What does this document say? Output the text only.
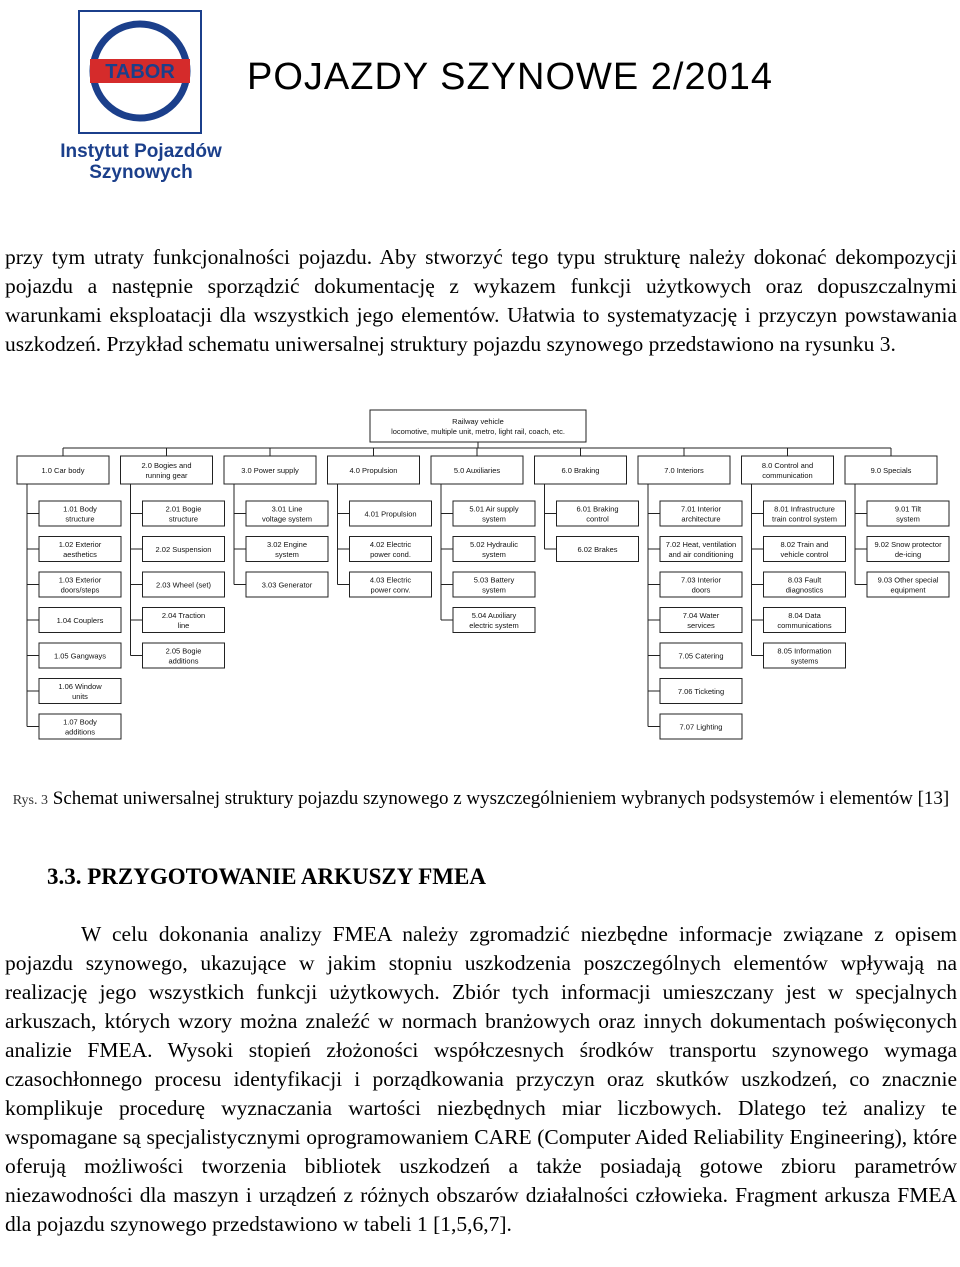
TABOR
Instytut Pojazdów
Szynowych
POJAZDY SZYNOWE 2/2014

przy tym utraty funkcjonalności pojazdu. Aby stworzyć tego typu strukturę należy dokonać dekompozycji pojazdu a następnie sporządzić dokumentację z wykazem funkcji użytkowych oraz dopuszczalnymi warunkami eksploatacji dla wszystkich jego elementów. Ułatwia to systematyzację i przyczyn powstawania uszkodzeń. Przykład schematu uniwersalnej struktury pojazdu szynowego przedstawiono na rysunku 3.

Railway vehicle
locomotive, multiple unit, metro, light rail, coach, etc.
1.0 Car body
1.01 Body
structure
1.02 Exterior
aesthetics
1.03 Exterior
doors/steps
1.04 Couplers
1.05 Gangways
1.06 Window
units
1.07 Body
additions
2.0 Bogies and
running gear
2.01 Bogie
structure
2.02 Suspension
2.03 Wheel (set)
2.04 Traction
line
2.05 Bogie
additions
3.0 Power supply
3.01 Line
voltage system
3.02 Engine
system
3.03 Generator
4.0 Propulsion
4.01 Propulsion
4.02 Electric
power cond.
4.03 Electric
power conv.
5.0 Auxiliaries
5.01 Air supply
system
5.02 Hydraulic
system
5.03 Battery
system
5.04 Auxiliary
electric system
6.0 Braking
6.01 Braking
control
6.02 Brakes
7.0 Interiors
7.01 Interior
architecture
7.02 Heat, ventilation
and air conditioning
7.03 Interior
doors
7.04 Water
services
7.05 Catering
7.06 Ticketing
7.07 Lighting
8.0 Control and
communication
8.01 Infrastructure
train control system
8.02 Train and
vehicle control
8.03 Fault
diagnostics
8.04 Data
communications
8.05 Information
systems
9.0 Specials
9.01 Tilt
system
9.02 Snow protector
de-icing
9.03 Other special
equipment
Rys. 3 Schemat uniwersalnej struktury pojazdu szynowego z wyszczególnieniem wybranych podsystemów i elementów [13]
3.3. PRZYGOTOWANIE ARKUSZY FMEA

W celu dokonania analizy FMEA należy zgromadzić niezbędne informacje związane z opisem pojazdu szynowego, ukazujące w jakim stopniu uszkodzenia poszczególnych elementów wpływają na realizację jego wszystkich funkcji użytkowych. Zbiór tych informacji umieszczany jest w specjalnych arkuszach, których wzory można znaleźć w normach branżowych oraz innych dokumentach poświęconych analizie FMEA. Wysoki stopień złożoności współczesnych środków transportu szynowego wymaga czasochłonnego procesu identyfikacji i porządkowania przyczyn oraz skutków uszkodzeń, co znacznie komplikuje procedurę wyznaczania wartości niezbędnych miar liczbowych. Dlatego też analizy te wspomagane są specjalistycznymi oprogramowaniem CARE (Computer Aided Reliability Engineering), które oferują możliwości tworzenia bibliotek uszkodzeń a także posiadają gotowe zbioru parametrów niezawodności dla maszyn i urządzeń z różnych obszarów działalności człowieka. Fragment arkusza FMEA dla pojazdu szynowego przedstawiono w tabeli 1 [1,5,6,7].
